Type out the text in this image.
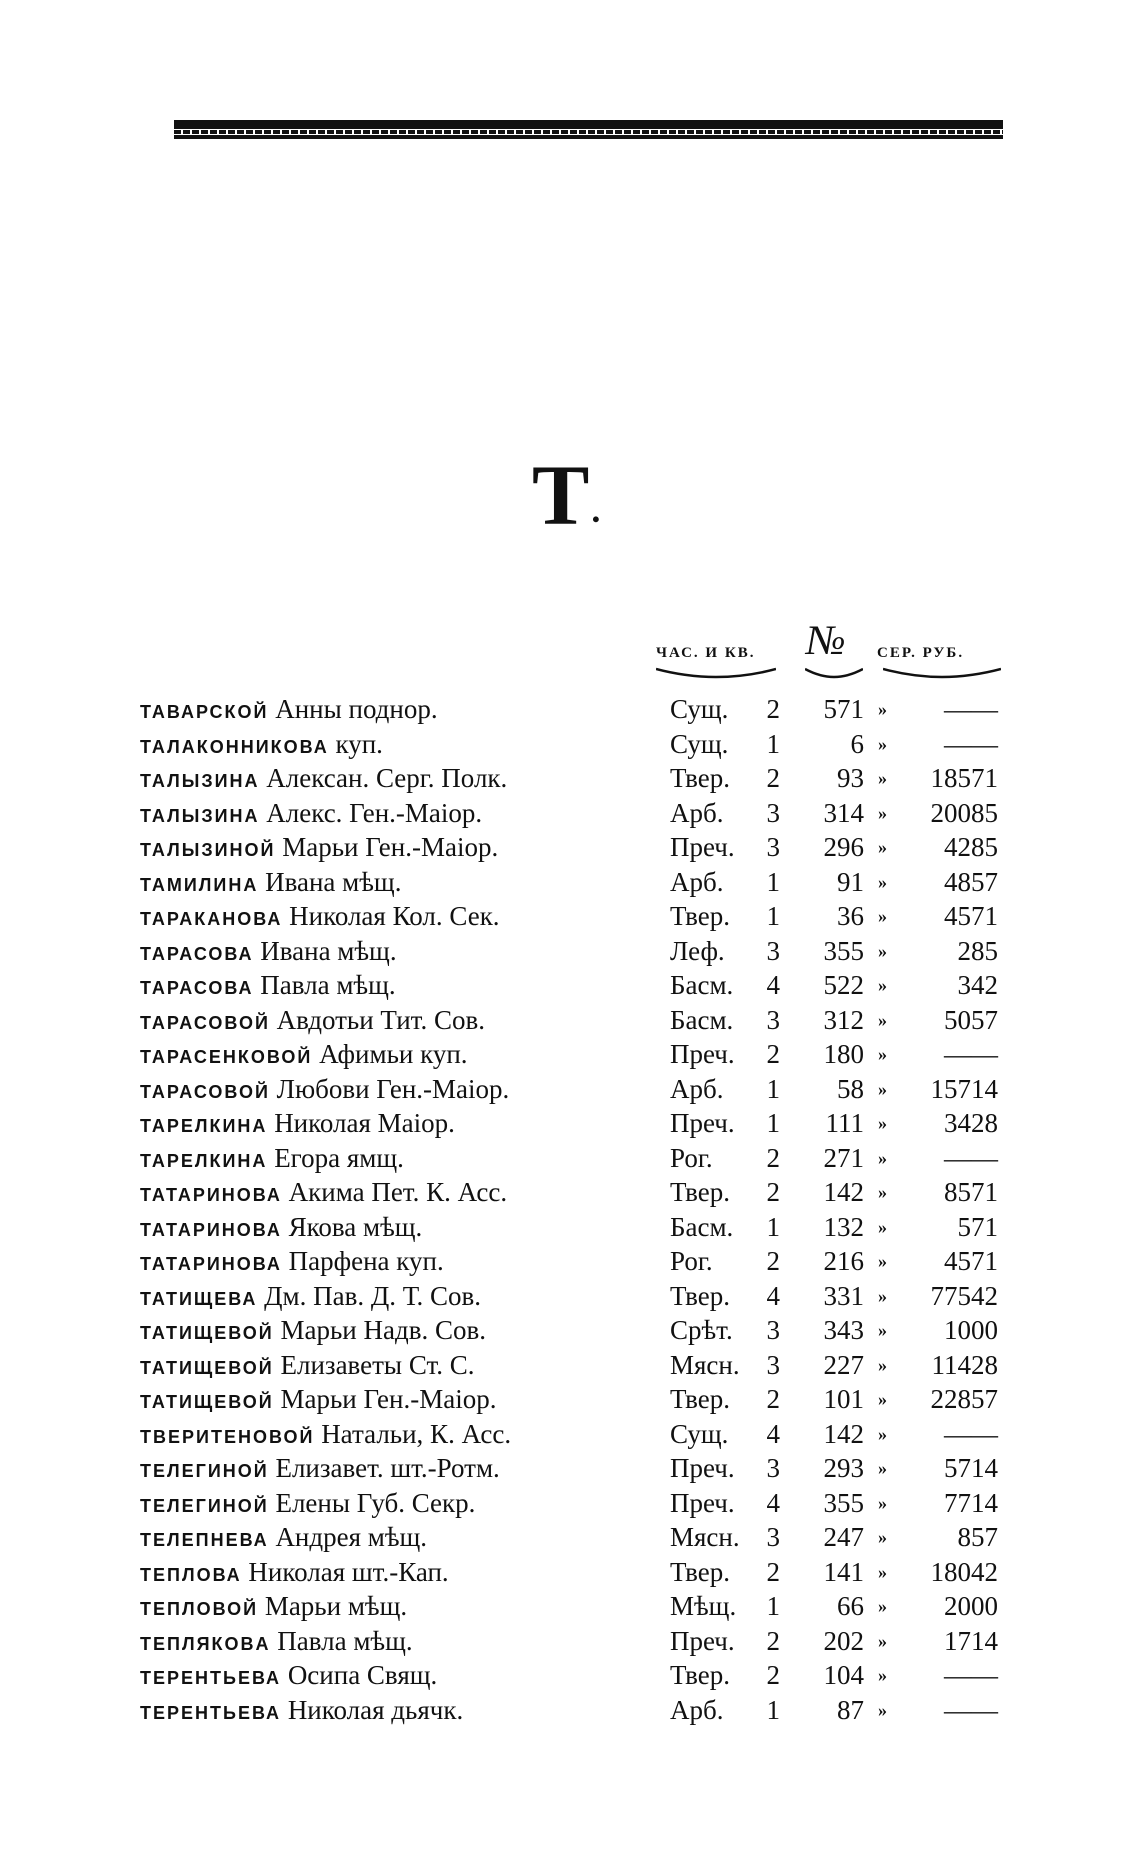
Т.
ЧАС. И КВ. № СЕР. РУБ.
ТАВАРСКОЙ Анны поднор.	Сущ.	2	571 »	——
ТАЛАКОННИКОВА куп.	Сущ.	1	6 »	——
ТАЛЫЗИНА Алексан. Серг. Полк.	Твер.	2	93 »	18571
ТАЛЫЗИНА Алекс. Ген.-Маіор.	Арб.	3	314 »	20085
ТАЛЫЗИНОЙ Марьи Ген.-Маіор.	Преч.	3	296 »	4285
ТАМИЛИНА Ивана мѣщ.	Арб.	1	91 »	4857
ТАРАКАНОВА Николая Кол. Сек.	Твер.	1	36 »	4571
ТАРАСОВА Ивана мѣщ.	Леф.	3	355 »	285
ТАРАСОВА Павла мѣщ.	Басм.	4	522 »	342
ТАРАСОВОЙ Авдотьи Тит. Сов.	Басм.	3	312 »	5057
ТАРАСЕНКОВОЙ Афимьи куп.	Преч.	2	180 »	——
ТАРАСОВОЙ Любови Ген.-Маіор.	Арб.	1	58 »	15714
ТАРЕЛКИНА Николая Маіор.	Преч.	1	111 »	3428
ТАРЕЛКИНА Егора ямщ.	Рог.	2	271 »	——
ТАТАРИНОВА Акима Пет. К. Асс.	Твер.	2	142 »	8571
ТАТАРИНОВА Якова мѣщ.	Басм.	1	132 »	571
ТАТАРИНОВА Парфена куп.	Рог.	2	216 »	4571
ТАТИЩЕВА Дм. Пав. Д. Т. Сов.	Твер.	4	331 »	77542
ТАТИЩЕВОЙ Марьи Надв. Сов.	Срѣт.	3	343 »	1000
ТАТИЩЕВОЙ Елизаветы Ст. С.	Мясн. 3	227 »	11428
ТАТИЩЕВОЙ Марьи Ген.-Маіор.	Твер.	2	101 »	22857
ТВЕРИТЕНОВОЙ Натальи, К. Асс.	Сущ.	4	142 »	——
ТЕЛЕГИНОЙ Елизавет. шт.-Ротм.	Преч.	3	293 »	5714
ТЕЛЕГИНОЙ Елены Губ. Секр.	Преч.	4	355 »	7714
ТЕЛЕПНЕВА Андрея мѣщ.	Мясн. 3	247 »	857
ТЕПЛОВА Николая шт.-Кап.	Твер.	2	141 »	18042
ТЕПЛОВОЙ Марьи мѣщ.	Мѣщ.	1	66 »	2000
ТЕПЛЯКОВA Павла мѣщ.	Преч.	2	202 »	1714
ТЕРЕНТЬЕВА Осипа Свящ.	Твер.	2	104 »	——
ТЕРЕНТЬЕВА Николая дьячк.	Арб.	1	87 »	——
